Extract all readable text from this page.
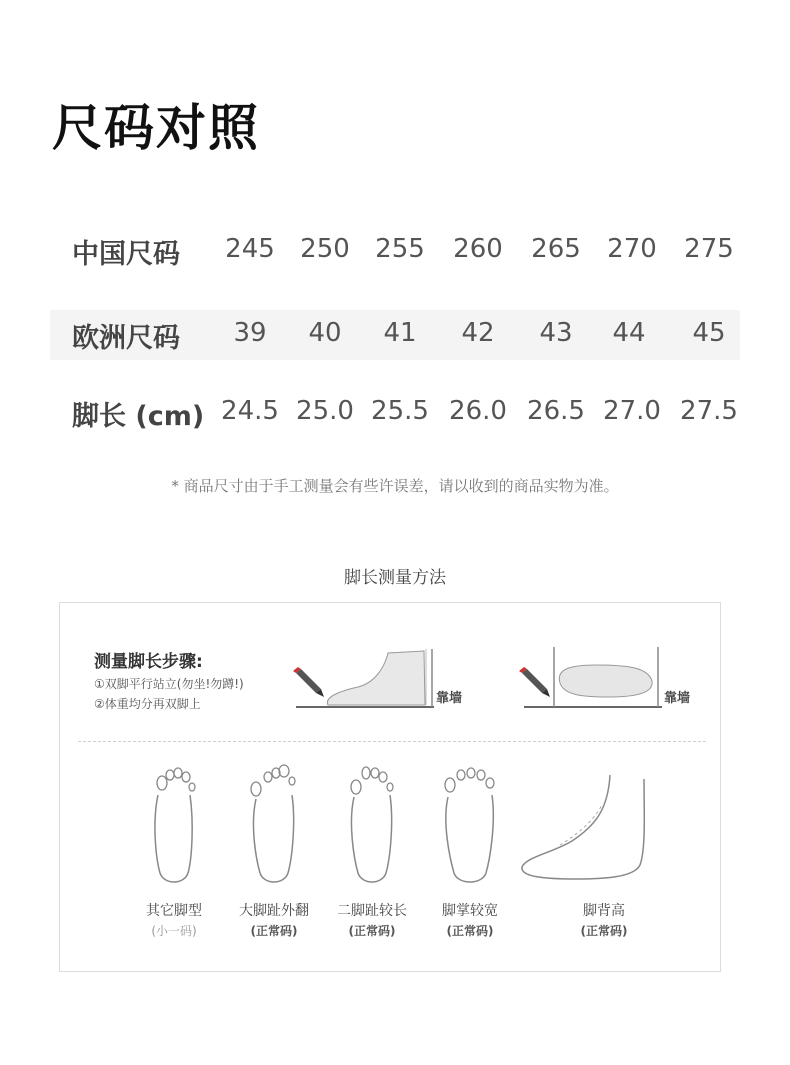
尺码对照
中国尺码	245 250 255	260	265	270	275
欧洲尺码	39	40	41	42	43	44	45
脚长 (cm) 24.5 25.0 25.5 26.0 26.5 27.0 27.5
* 商品尺寸由于手工测量会有些许误差，请以收到的商品实物为准。
脚长测量方法
测量脚长步骤:
①双脚平行站立(勿坐!勿蹲!)
②体重均分再双脚上	靠墙	靠墙
其它脚型
(小一码)
大脚趾外翻
(正常码)
二脚趾较长
(正常码)
脚掌较宽
(正常码)
脚背高
(正常码)
